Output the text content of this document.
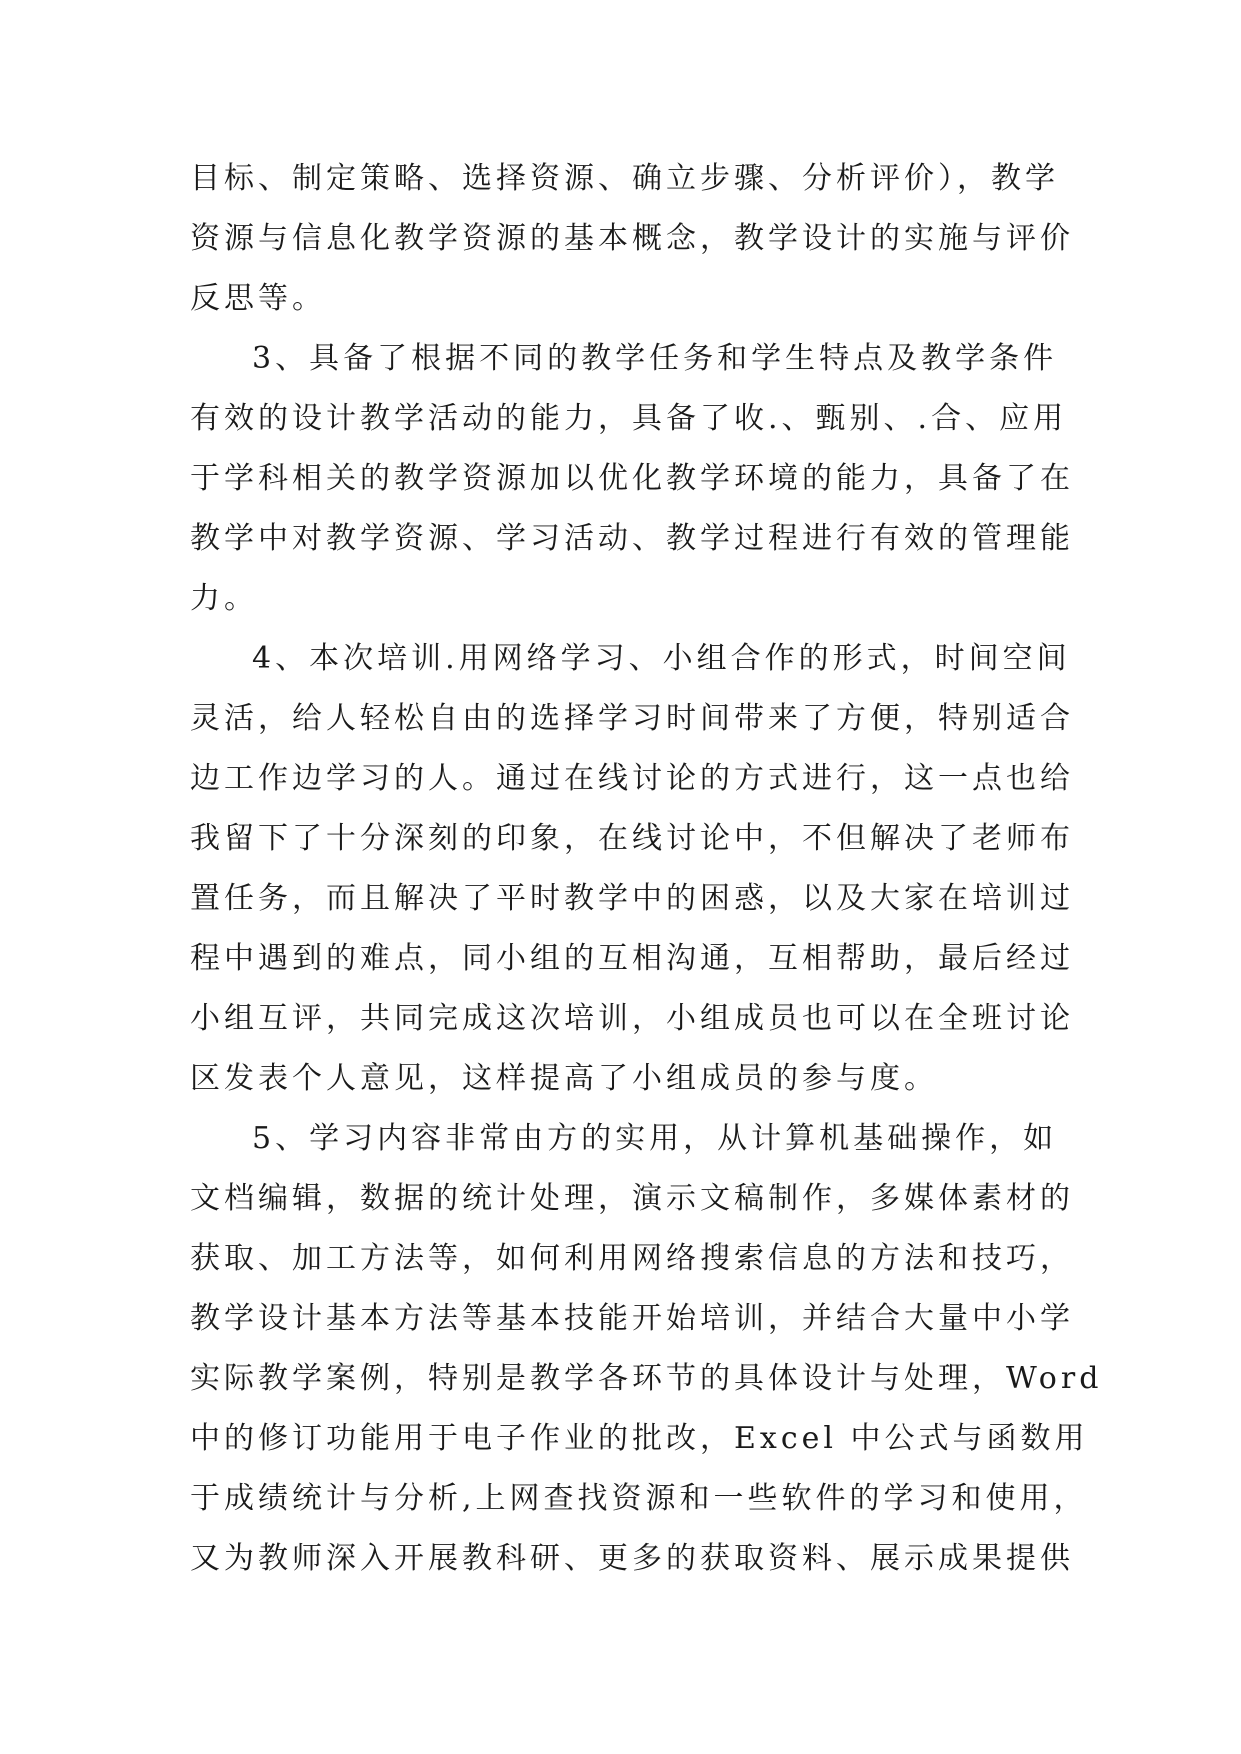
目标、制定策略、选择资源、确立步骤、分析评价），教学
资源与信息化教学资源的基本概念，教学设计的实施与评价
反思等。
3、具备了根据不同的教学任务和学生特点及教学条件
有效的设计教学活动的能力，具备了收.、甄别、.合、应用
于学科相关的教学资源加以优化教学环境的能力，具备了在
教学中对教学资源、学习活动、教学过程进行有效的管理能
力。
4、本次培训.用网络学习、小组合作的形式，时间空间
灵活，给人轻松自由的选择学习时间带来了方便，特别适合
边工作边学习的人。通过在线讨论的方式进行，这一点也给
我留下了十分深刻的印象，在线讨论中，不但解决了老师布
置任务，而且解决了平时教学中的困惑，以及大家在培训过
程中遇到的难点，同小组的互相沟通，互相帮助，最后经过
小组互评，共同完成这次培训，小组成员也可以在全班讨论
区发表个人意见，这样提高了小组成员的参与度。
5、学习内容非常由方的实用，从计算机基础操作，如
文档编辑，数据的统计处理，演示文稿制作，多媒体素材的
获取、加工方法等，如何利用网络搜索信息的方法和技巧，
教学设计基本方法等基本技能开始培训，并结合大量中小学
实际教学案例，特别是教学各环节的具体设计与处理，Word
中的修订功能用于电子作业的批改，Excel 中公式与函数用
于成绩统计与分析,上网查找资源和一些软件的学习和使用，
又为教师深入开展教科研、更多的获取资料、展示成果提供
